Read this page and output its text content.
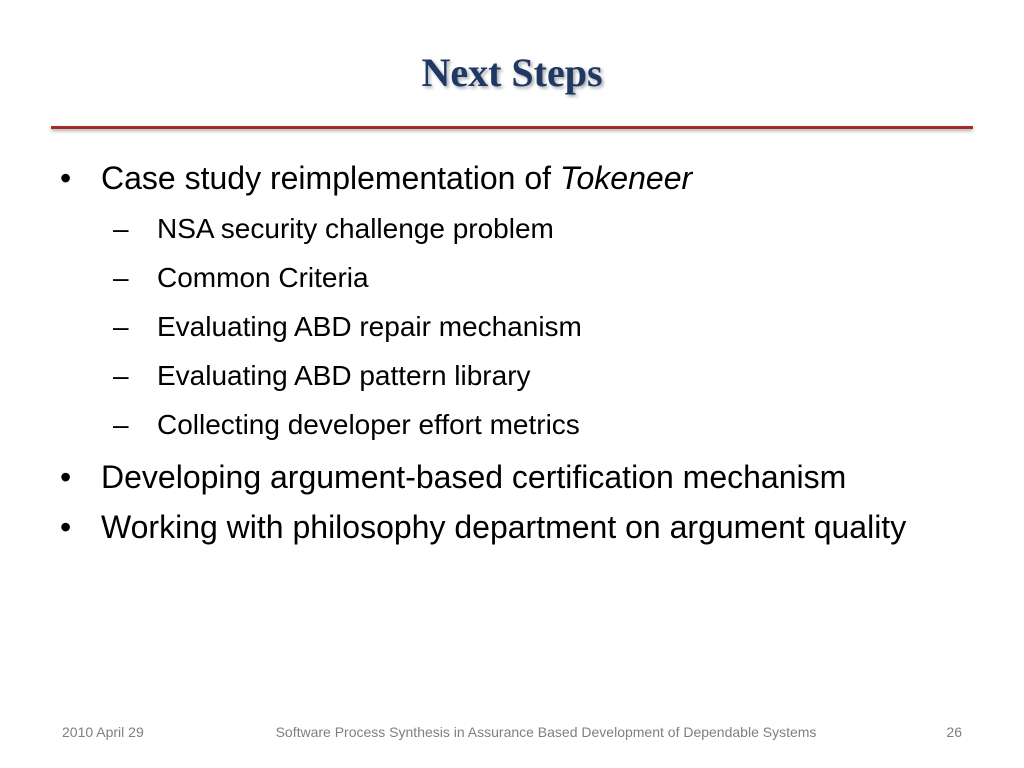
Next Steps
• Case study reimplementation of Tokeneer
– NSA security challenge problem
– Common Criteria
– Evaluating ABD repair mechanism
– Evaluating ABD pattern library
– Collecting developer effort metrics
• Developing argument-based certification mechanism
• Working with philosophy department on argument quality
2010 April 29	Software Process Synthesis in Assurance Based Development of Dependable Systems	26
